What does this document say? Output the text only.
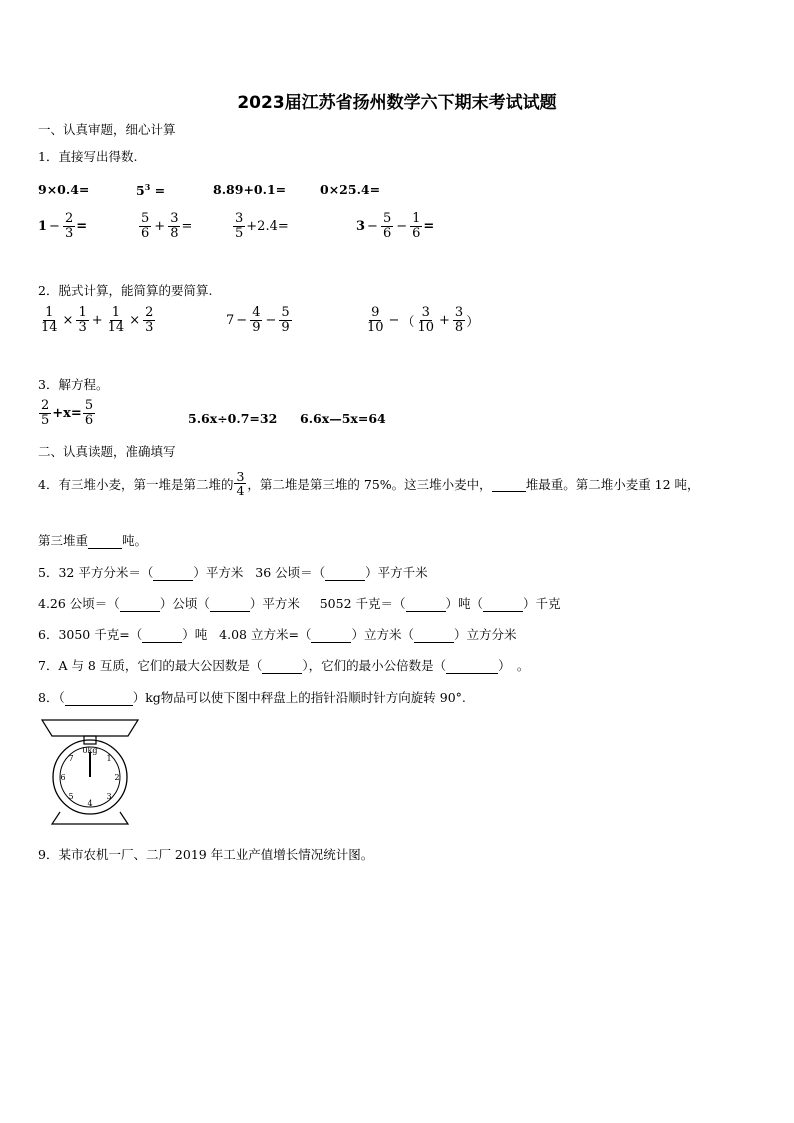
2023届江苏省扬州数学六下期末考试试题
一、认真审题，细心计算
1．直接写出得数.
9×0.4=	$5^3$ =	8.89+0.1=	0×25.4=
$1 - \frac{2}{3}$ =	$\frac{5}{6} + \frac{3}{8}$ =	$\frac{3}{5} +2.4=$	$3 - \frac{5}{6} - \frac{1}{6}$ =
2．脱式计算，能简算的要简算.
$\frac{1}{14} \times \frac{1}{3} + \frac{1}{14} \times \frac{2}{3}$	$7 - \frac{4}{9} - \frac{5}{9}$	$\frac{9}{10}$ − （ $\frac{3}{10} + \frac{3}{8}$ ）
3．解方程。
$\frac{2}{5} +x= \frac{5}{6}$	5.6x÷0.7=32 6.6x—5x=64
二、认真读题，准确填写
4．有三堆小麦，第一堆是第二堆的 $\frac{3}{4}$ ，第二堆是第三堆的 75%。这三堆小麦中，
	堆最重。第二堆小麦重 12 吨，
第三堆重	吨。
5．32 平方分米＝（	）平方米 36 公顷＝（	）平方千米
4.26 公顷＝（	）公顷（	）平方米 5052 千克＝（	）吨（	）千克
6．3050 千克=（	）吨 4.08 立方米=（	）立方米（	）立方分米
7．A 与 8 互质，它们的最大公因数是（	），它们的最小公倍数是（	）　。
8．（	）kg物品可以使下图中秤盘上的指针沿顺时针方向旋转 90°.
0kg
1
2
3
4
5
6
7
9．某市农机一厂、二厂 2019 年工业产值增长情况统计图。
